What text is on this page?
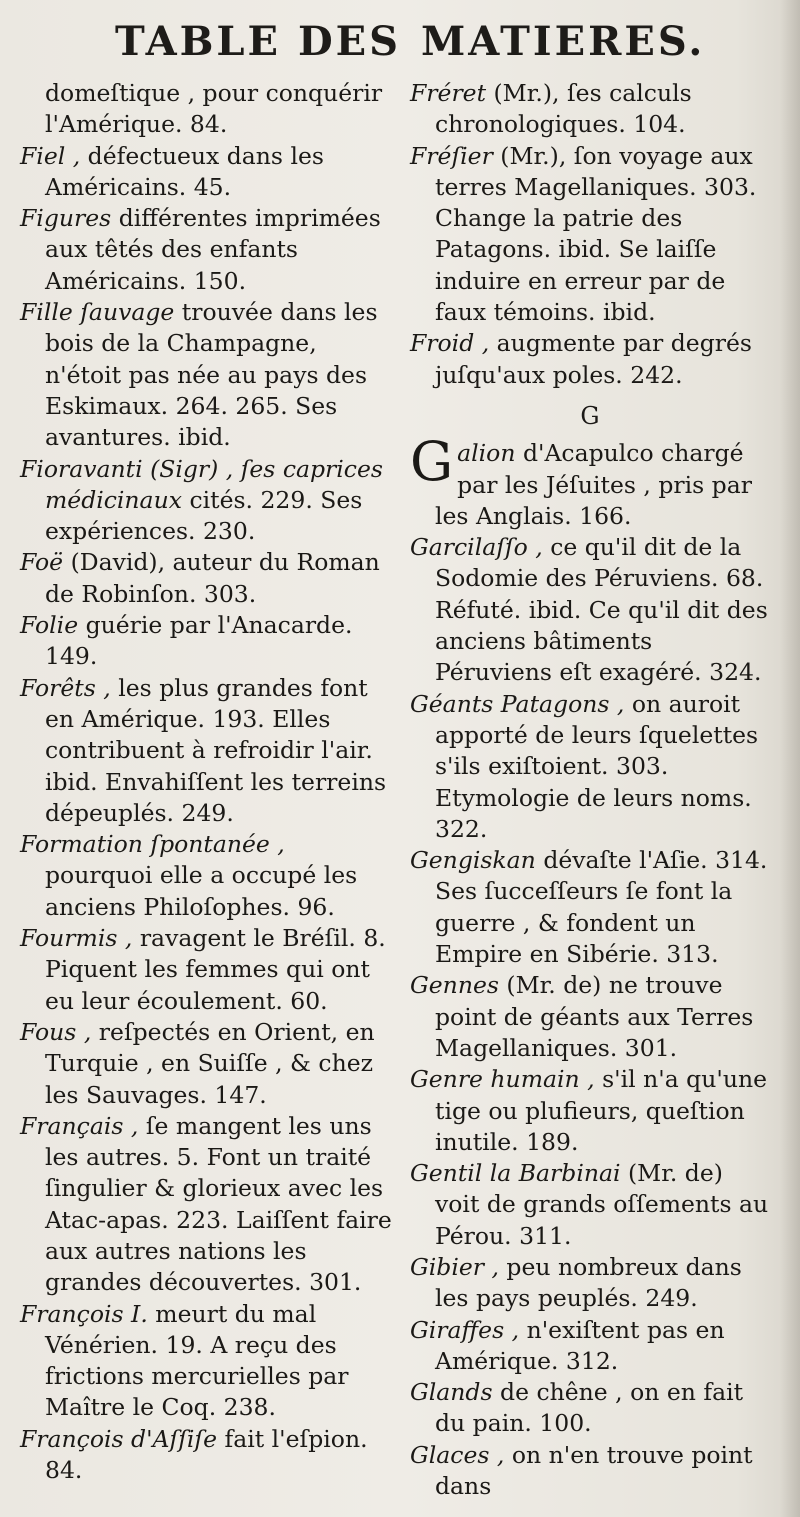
TABLE DES MATIERES.

domeſtique , pour conquérir l'Amérique. 84.

Fiel , défectueux dans les Américains. 45.

Figures différentes imprimées aux têtés des enfants Américains. 150.

Fille ſauvage trouvée dans les bois de la Champagne, n'étoit pas née au pays des Eskimaux. 264. 265. Ses avantures. ibid.

Fioravanti (Sigr) , ſes caprices médicinaux cités. 229. Ses expériences. 230.

Foë (David), auteur du Roman de Robinſon. 303.

Folie guérie par l'Anacarde. 149.

Forêts , les plus grandes font en Amérique. 193. Elles contribuent à refroidir l'air. ibid. Envahiſſent les terreins dépeuplés. 249.

Formation ſpontanée , pourquoi elle a occupé les anciens Philoſophes. 96.

Fourmis , ravagent le Bréſil. 8. Piquent les femmes qui ont eu leur écoulement. 60.

Fous , reſpectés en Orient, en Turquie , en Suiſſe , & chez les Sauvages. 147.

Français , ſe mangent les uns les autres. 5. Font un traité ſingulier & glorieux avec les Atac-apas. 223. Laiſſent faire aux autres nations les grandes découvertes. 301.

François I. meurt du mal Vénérien. 19. A reçu des frictions mercurielles par Maître le Coq. 238.

François d'Aſſiſe fait l'eſpion. 84.

Fréret (Mr.), ſes calculs chronologiques. 104.

Fréſier (Mr.), ſon voyage aux terres Magellaniques. 303. Change la patrie des Patagons. ibid. Se laiſſe induire en erreur par de faux témoins. ibid.

Froid , augmente par degrés juſqu'aux poles. 242.

G

Galion d'Acapulco chargé par les Jéſuites , pris par les Anglais. 166.

Garcilaſſo , ce qu'il dit de la Sodomie des Péruviens. 68. Réfuté. ibid. Ce qu'il dit des anciens bâtiments Péruviens eſt exagéré. 324.

Géants Patagons , on auroit apporté de leurs ſquelettes s'ils exiſtoient. 303. Etymologie de leurs noms. 322.

Gengiskan dévaſte l'Aſie. 314. Ses ſucceſſeurs ſe font la guerre , & fondent un Empire en Sibérie. 313.

Gennes (Mr. de) ne trouve point de géants aux Terres Magellaniques. 301.

Genre humain , s'il n'a qu'une tige ou plufieurs, queſtion inutile. 189.

Gentil la Barbinai (Mr. de) voit de grands oſſements au Pérou. 311.

Gibier , peu nombreux dans les pays peuplés. 249.

Giraffes , n'exiſtent pas en Amérique. 312.

Glands de chêne , on en fait du pain. 100.

Glaces , on n'en trouve point dans
